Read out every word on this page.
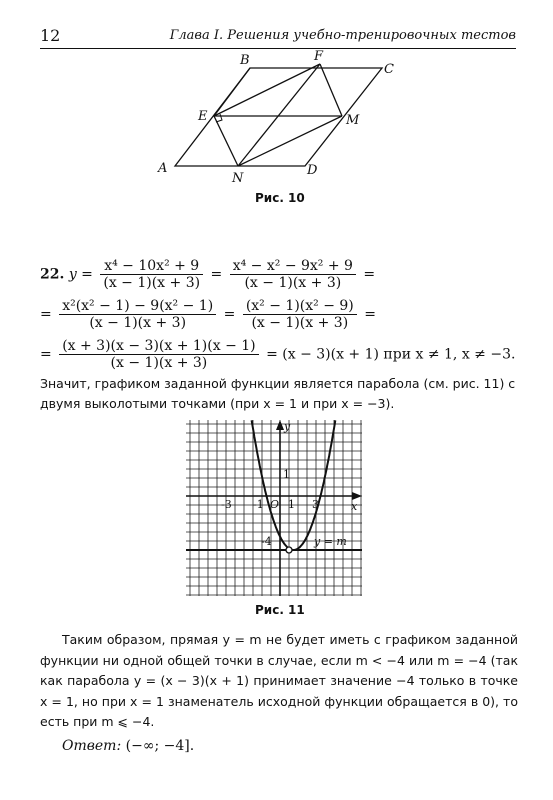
12	Глава I. Решения учебно-тренировочных тестов
A
B
C
D
E
F
M
N
Рис. 10
22. $y = \frac{\text{x⁴ − 10x² + 9}}{(x - 1)(x + 3)} = \frac{\text{x⁴ − x² − 9x² + 9}}{(x - 1)(x + 3)}$ =
= $\frac{\text{x²(x² − 1) − 9(x² − 1)}}{(x - 1)(x + 3)} = \frac{\text{(x² − 1)(x² − 9)}}{(x - 1)(x + 3)}$ =
= $\frac{(x + 3)(x - 3)(x + 1)(x - 1)}{(x - 1)(x + 3)} = (x - 3)(x + 1)$ при x ≠ 1, x ≠ −3.
Значит, графиком заданной функции является парабола (см. рис. 11) с
двумя выколотыми точками (при x = 1 и при x = −3).
y
x
O
-3 -1 1 3
1
-4	y = m
Рис. 11
Таким образом, прямая y = m не будет иметь с графиком заданной функции ни одной общей точки в случае, если m < −4 или m = −4 (так как парабола y = (x − 3)(x + 1) принимает значение −4 только в точке x = 1, но при x = 1 знаменатель исходной функции обращается в 0), то есть при m ⩽ −4.
Ответ: (−∞; −4].
